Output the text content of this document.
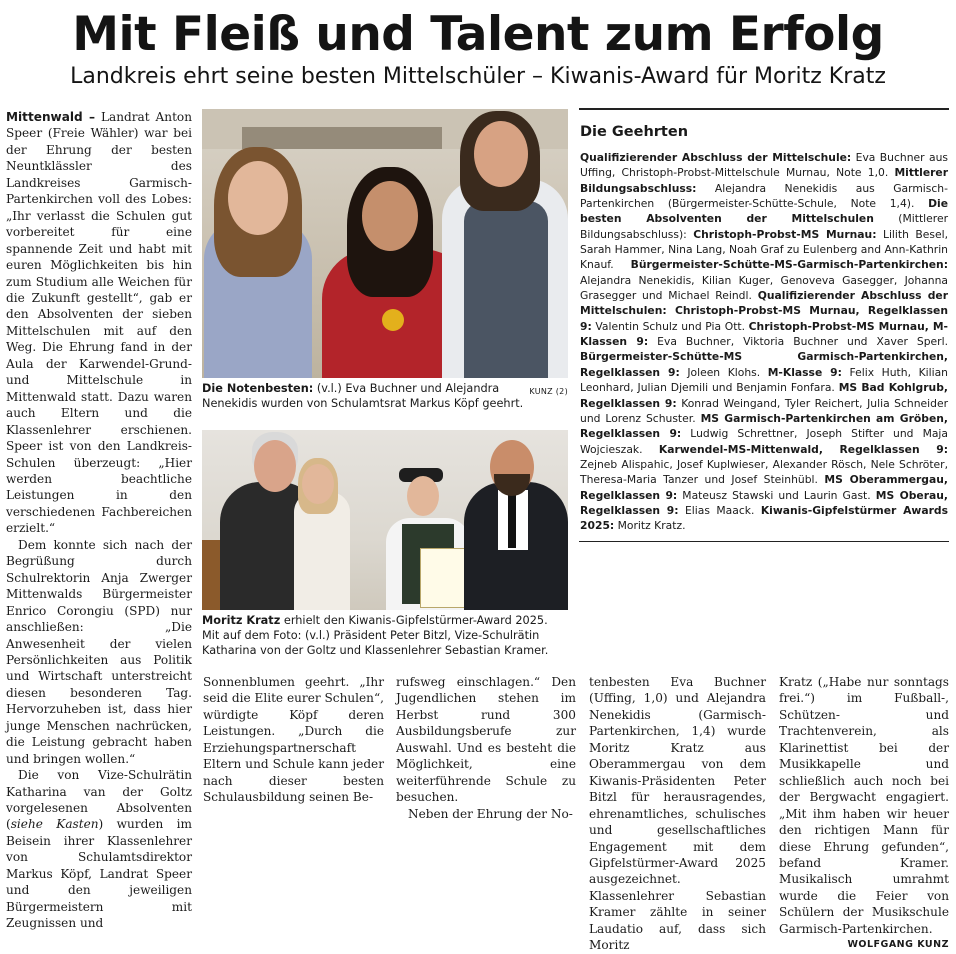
Mit Fleiß und Talent zum Erfolg
Landkreis ehrt seine besten Mittelschüler – Kiwanis-Award für Moritz Kratz

Mittenwald – Landrat Anton Speer (Freie Wähler) war bei der Ehrung der besten Neuntklässler des Landkreises Garmisch-Partenkirchen voll des Lobes: „Ihr verlasst die Schulen gut vorbereitet für eine spannende Zeit und habt mit euren Möglichkeiten bis hin zum Studium alle Weichen für die Zukunft gestellt“, gab er den Absolventen der sieben Mittelschulen mit auf den Weg. Die Ehrung fand in der Aula der Karwendel-Grund- und Mittelschule in Mittenwald statt. Dazu waren auch Eltern und die Klassenlehrer erschienen. Speer ist von den Landkreis-Schulen überzeugt: „Hier werden beachtliche Leistungen in den verschiedenen Fachbereichen erzielt.“

Dem konnte sich nach der Begrüßung durch Schulrektorin Anja Zwerger Mittenwalds Bürgermeister Enrico Corongiu (SPD) nur anschließen: „Die Anwesenheit der vielen Persönlichkeiten aus Politik und Wirtschaft unterstreicht diesen besonderen Tag. Hervorzuheben ist, dass hier junge Menschen nachrücken, die Leistung gebracht haben und bringen wollen.“

Die von Vize-Schulrätin Katharina van der Goltz vorgelesenen Absolventen (siehe Kasten) wurden im Beisein ihrer Klassenlehrer von Schulamtsdirektor Markus Köpf, Landrat Speer und den jeweiligen Bürgermeistern mit Zeugnissen und

KUNZ (2)
Die Notenbesten: (v.l.) Eva Buchner und Alejandra Nenekidis wurden von Schulamtsrat Markus Köpf geehrt.
Moritz Kratz erhielt den Kiwanis-Gipfelstürmer-Award 2025. Mit auf dem Foto: (v.l.) Präsident Peter Bitzl, Vize-Schulrätin Katharina von der Goltz und Klassenlehrer Sebastian Kramer.

Sonnenblumen geehrt. „Ihr seid die Elite eurer Schulen“, würdigte Köpf deren Leistungen. „Durch die Erziehungspartnerschaft Eltern und Schule kann jeder nach dieser besten Schulausbildung seinen Be-

rufsweg einschlagen.“ Den Jugendlichen stehen im Herbst rund 300 Ausbildungsberufe zur Auswahl. Und es besteht die Möglichkeit, eine weiterführende Schule zu besuchen.

Neben der Ehrung der No-

tenbesten Eva Buchner (Uffing, 1,0) und Alejandra Nenekidis (Garmisch-Partenkirchen, 1,4) wurde Moritz Kratz aus Oberammergau von dem Kiwanis-Präsidenten Peter Bitzl für herausragendes, ehrenamtliches, schulisches und gesellschaftliches Engagement mit dem Gipfelstürmer-Award 2025 ausgezeichnet. Klassenlehrer Sebastian Kramer zählte in seiner Laudatio auf, dass sich Moritz

Kratz („Habe nur sonntags frei.“) im Fußball-, Schützen- und Trachtenverein, als Klarinettist bei der Musikkapelle und schließlich auch noch bei der Bergwacht engagiert. „Mit ihm haben wir heuer den richtigen Mann für diese Ehrung gefunden“, befand Kramer. Musikalisch umrahmt wurde die Feier von Schülern der Musikschule Garmisch-Partenkirchen.
WOLFGANG KUNZ

Die Geehrten
Qualifizierender Abschluss der Mittelschule: Eva Buchner aus Uffing, Christoph-Probst-Mittelschule Murnau, Note 1,0. Mittlerer Bildungsabschluss: Alejandra Nenekidis aus Garmisch-Partenkirchen (Bürgermeister-Schütte-Schule, Note 1,4). Die besten Absolventen der Mittelschulen (Mittlerer Bildungsabschluss): Christoph-Probst-MS Murnau: Lilith Besel, Sarah Hammer, Nina Lang, Noah Graf zu Eulenberg and Ann-Kathrin Knauf. Bürgermeister-Schütte-MS-Garmisch-Partenkirchen: Alejandra Nenekidis, Kilian Kuger, Genoveva Gasegger, Johanna Grasegger und Michael Reindl. Qualifizierender Abschluss der Mittelschulen: Christoph-Probst-MS Murnau, Regelklassen 9: Valentin Schulz und Pia Ott. Christoph-Probst-MS Murnau, M-Klassen 9: Eva Buchner, Viktoria Buchner und Xaver Sperl. Bürgermeister-Schütte-MS Garmisch-Partenkirchen, Regelklassen 9: Joleen Klohs. M-Klasse 9: Felix Huth, Kilian Leonhard, Julian Djemili und Benjamin Fonfara. MS Bad Kohlgrub, Regelklassen 9: Konrad Weingand, Tyler Reichert, Julia Schneider und Lorenz Schuster. MS Garmisch-Partenkirchen am Gröben, Regelklassen 9: Ludwig Schrettner, Joseph Stifter und Maja Wojcieszak. Karwendel-MS-Mittenwald, Regelklassen 9: Zejneb Alispahic, Josef Kuplwieser, Alexander Rösch, Nele Schröter, Theresa-Maria Tanzer und Josef Steinhübl. MS Oberammergau, Regelklassen 9: Mateusz Stawski und Laurin Gast. MS Oberau, Regelklassen 9: Elias Maack. Kiwanis-Gipfelstürmer Awards 2025: Moritz Kratz.
